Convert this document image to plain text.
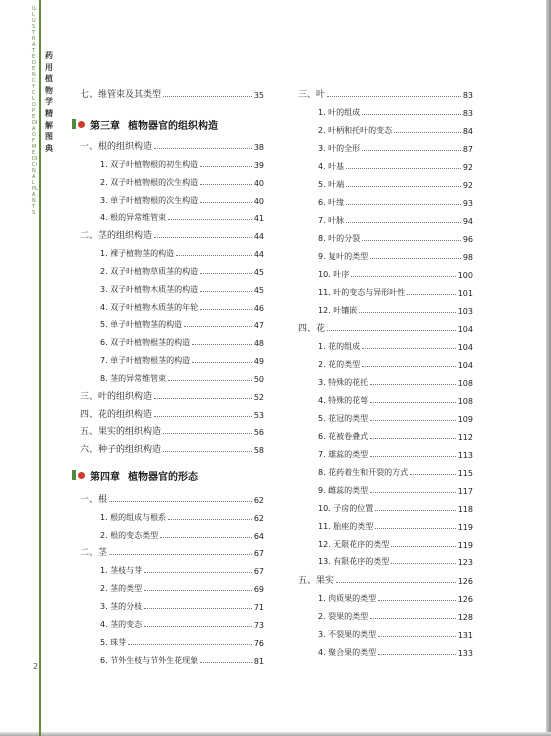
ILLUSTRATED ENCYCLOPEDIA OF MEDICINAL PLANTS
药用植物学精解图典
2
七、维管束及其类型	35
第三章 植物器官的组织构造
一、根的组织构造	38
1. 双子叶植物根的初生构造	39
2. 双子叶植物根的次生构造	40
3. 单子叶植物根的次生构造	40
4. 根的异常维管束	41
二、茎的组织构造	44
1. 裸子植物茎的构造	44
2. 双子叶植物草质茎的构造	45
3. 双子叶植物木质茎的构造	45
4. 双子叶植物木质茎的年轮	46
5. 单子叶植物茎的构造	47
6. 双子叶植物根茎的构造	48
7. 单子叶植物根茎的构造	49
8. 茎的异常维管束	50
三、叶的组织构造	52
四、花的组织构造	53
五、果实的组织构造	56
六、种子的组织构造	58
第四章 植物器官的形态
一、根	62
1. 根的组成与根系	62
2. 根的变态类型	64
二、茎	67
1. 茎枝与芽	67
2. 茎的类型	69
3. 茎的分枝	71
4. 茎的变态	73
5. 珠芽	76
6. 节外生枝与节外生花现象	81
三、叶	83
1. 叶的组成	83
2. 叶柄和托叶的变态	84
3. 叶的全形	87
4. 叶基	92
5. 叶端	92
6. 叶缘	93
7. 叶脉	94
8. 叶的分裂	96
9. 复叶的类型	98
10. 叶序	100
11. 叶的变态与异形叶性	101
12. 叶镶嵌	103
四、花	104
1. 花的组成	104
2. 花的类型	104
3. 特殊的花托	108
4. 特殊的花萼	108
5. 花冠的类型	109
6. 花被卷叠式	112
7. 雄蕊的类型	113
8. 花药着生和开裂的方式	115
9. 雌蕊的类型	117
10. 子房的位置	118
11. 胎座的类型	119
12. 无限花序的类型	119
13. 有限花序的类型	123
五、果实	126
1. 肉质果的类型	126
2. 裂果的类型	128
3. 不裂果的类型	131
4. 聚合果的类型	133
